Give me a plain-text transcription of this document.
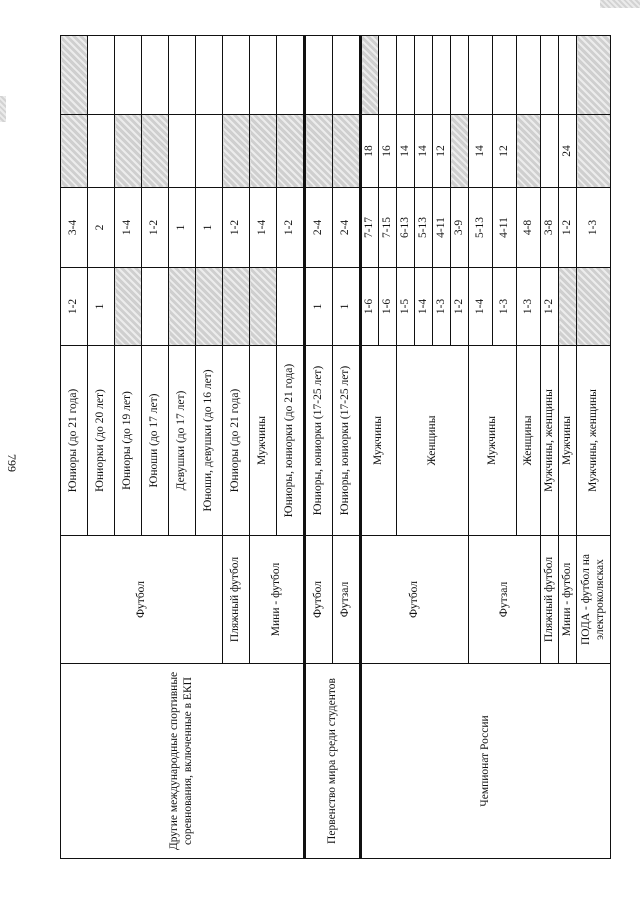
799
Другие международные спортивные соревнования, включенные в ЕКП	Футбол	Юниоры (до 21 года)	1-2	3-4		
		Юниорки (до 20 лет)	1	2		
		Юниоры (до 19 лет)		1-4		
		Юноши (до 17 лет)		1-2		
		Девушки (до 17 лет)		1		
		Юноши, девушки (до 16 лет)		1		
	Пляжный футбол	Юниоры (до 21 года)		1-2		
	Мини - футбол	Мужчины		1-4		
		Юниоры, юниорки (до 21 года)		1-2		
Первенство мира среди студентов	Футбол	Юниоры, юниорки (17-25 лет)	1	2-4		
	Футзал	Юниоры, юниорки (17-25 лет)	1	2-4		
Чемпионат России	Футбол	Мужчины	1-6	7-17	18	
			1-6	7-15	16	
		Женщины	1-5	6-13	14	
			1-4	5-13	14	
			1-3	4-11	12	
			1-2	3-9		
	Футзал	Мужчины	1-4	5-13	14	
			1-3	4-11	12	
		Женщины	1-3	4-8		
	Пляжный футбол	Мужчины, женщины	1-2	3-8		
	Мини - футбол	Мужчины		1-2	24	
	ПОДА - футбол на электроколясках	Мужчины, женщины		1-3		
